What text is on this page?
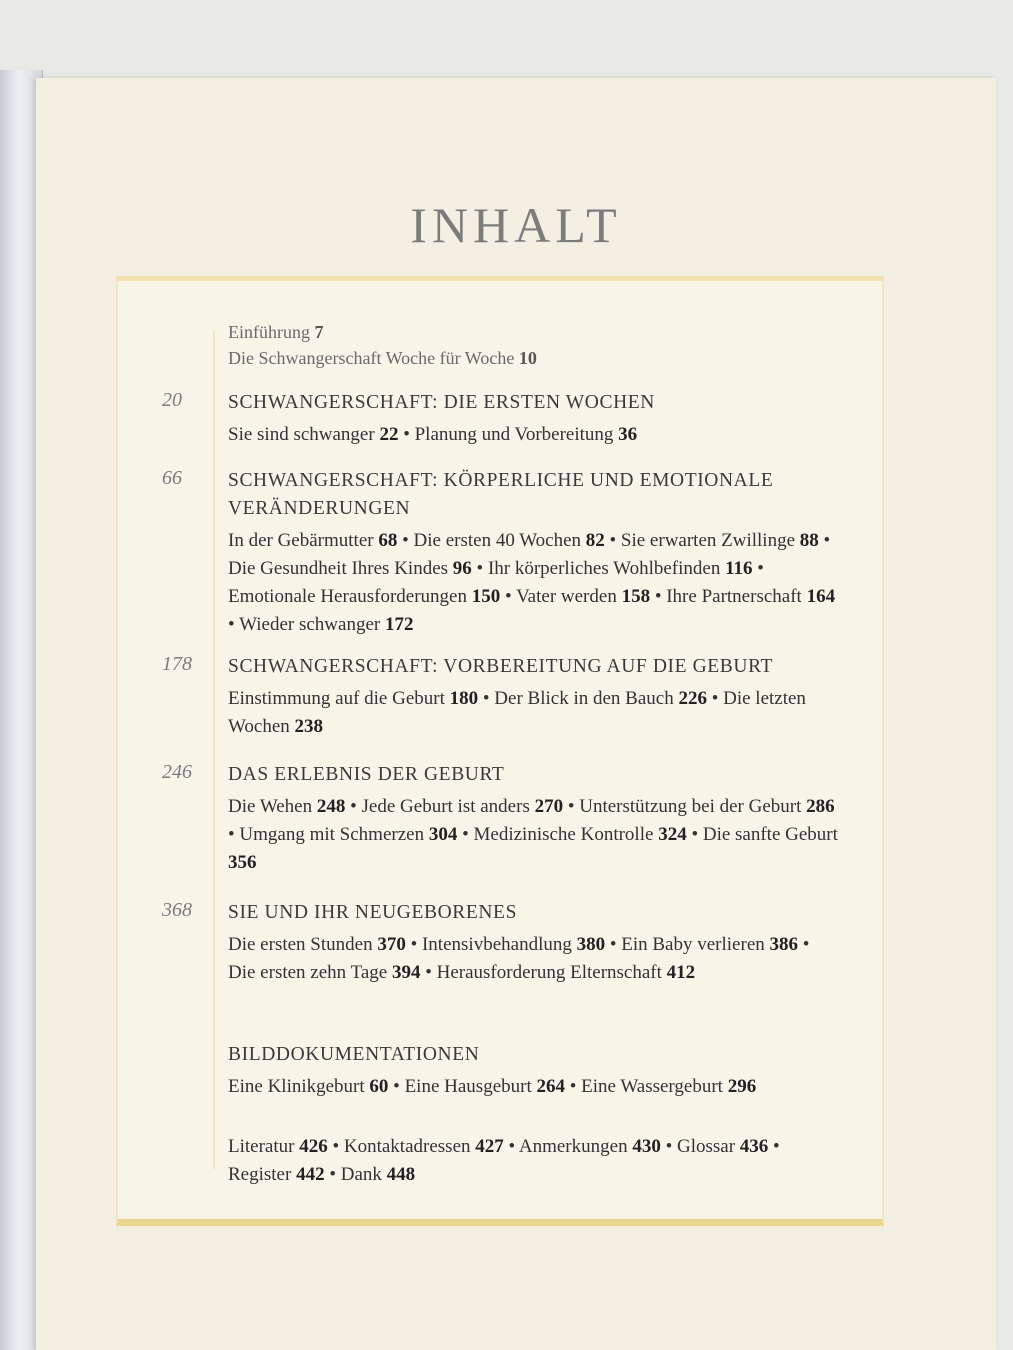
INHALT
Einführung 7
Die Schwangerschaft Woche für Woche 10
20 SCHWANGERSCHAFT: DIE ERSTEN WOCHEN
Sie sind schwanger 22 • Planung und Vorbereitung 36
66 SCHWANGERSCHAFT: KÖRPERLICHE UND EMOTIONALE VERÄNDERUNGEN
In der Gebärmutter 68 • Die ersten 40 Wochen 82 • Sie erwarten Zwillinge 88 • Die Gesundheit Ihres Kindes 96 • Ihr körperliches Wohlbefinden 116 • Emotionale Herausforderungen 150 • Vater werden 158 • Ihre Partnerschaft 164 • Wieder schwanger 172
178 SCHWANGERSCHAFT: VORBEREITUNG AUF DIE GEBURT
Einstimmung auf die Geburt 180 • Der Blick in den Bauch 226 • Die letzten Wochen 238
246 DAS ERLEBNIS DER GEBURT
Die Wehen 248 • Jede Geburt ist anders 270 • Unterstützung bei der Geburt 286 • Umgang mit Schmerzen 304 • Medizinische Kontrolle 324 • Die sanfte Geburt 356
368 SIE UND IHR NEUGEBORENES
Die ersten Stunden 370 • Intensivbehandlung 380 • Ein Baby verlieren 386 • Die ersten zehn Tage 394 • Herausforderung Elternschaft 412
BILDDOKUMENTATIONEN
Eine Klinikgeburt 60 • Eine Hausgeburt 264 • Eine Wassergeburt 296
Literatur 426 • Kontaktadressen 427 • Anmerkungen 430 • Glossar 436 • Register 442 • Dank 448
